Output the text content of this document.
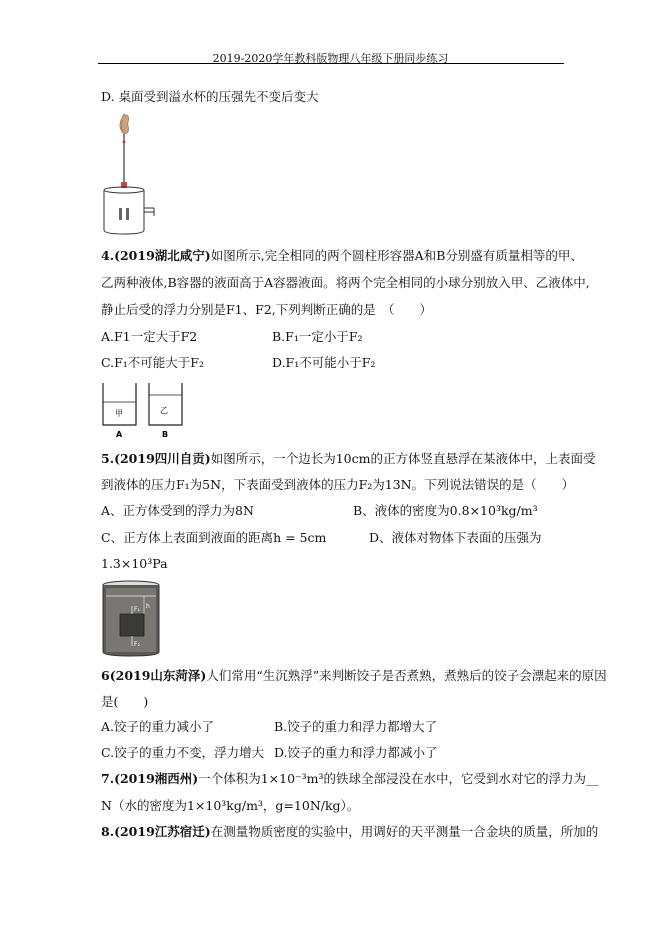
2019-2020学年教科版物理八年级下册同步练习
D. 桌面受到溢水杯的压强先不变后变大
4.(2019湖北咸宁)如图所示,完全相同的两个圆柱形容器A和B分别盛有质量相等的甲、
乙两种液体,B容器的液面高于A容器液面。将两个完全相同的小球分别放入甲、乙液体中,
静止后受的浮力分别是F1、F2,下列判断正确的是　（　　）
A.F1一定大于F2	B.F₁一定小于F₂
C.F₁不可能大于F₂	D.F₁不可能小于F₂
甲
A
乙
B
5.(2019四川自贡)如图所示，一个边长为10cm的正方体竖直悬浮在某液体中，上表面受
到液体的压力F₁为5N，下表面受到液体的压力F₂为13N。下列说法错误的是（　　）
A、正方体受到的浮力为8N	B、液体的密度为0.8×10³kg/m³
C、正方体上表面到液面的距离h = 5cm	D、液体对物体下表面的压强为
1.3×10³Pa
h
F₁
F₂
6(2019山东菏泽)人们常用“生沉熟浮”来判断饺子是否煮熟，煮熟后的饺子会漂起来的原因
是(　　)
A.饺子的重力减小了	B.饺子的重力和浮力都增大了
C.饺子的重力不变，浮力增大 D.饺子的重力和浮力都减小了
7.(2019湘西州)一个体积为1×10⁻³m³的铁球全部浸没在水中，它受到水对它的浮力为__
N（水的密度为1×10³kg/m³，g=10N/kg）。
8.(2019江苏宿迁)在测量物质密度的实验中，用调好的天平测量一合金块的质量，所加的
